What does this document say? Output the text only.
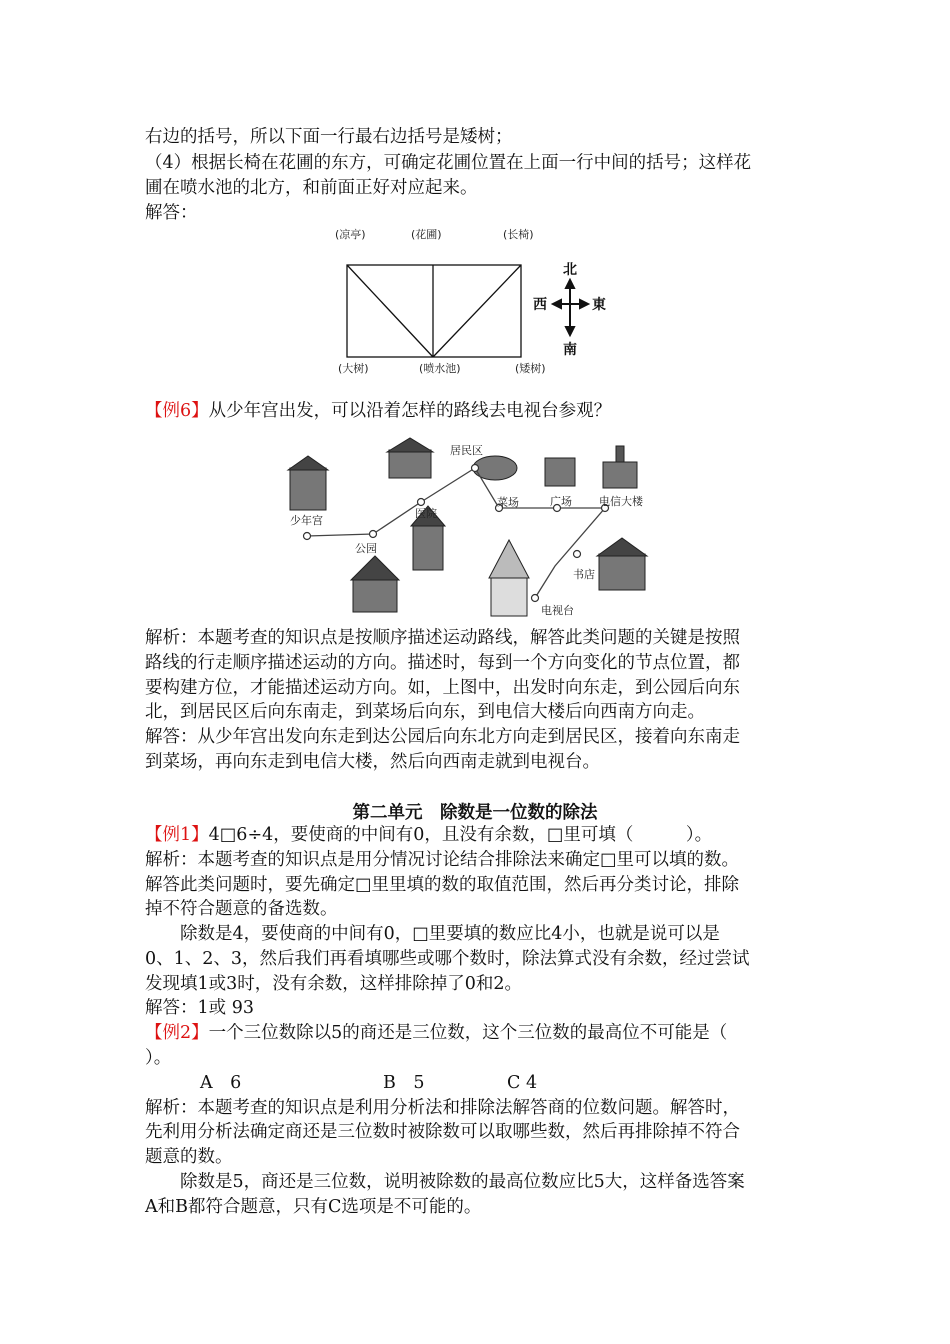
右边的括号，所以下面一行最右边括号是矮树；
（4）根据长椅在花圃的东方，可确定花圃位置在上面一行中间的括号；这样花
圃在喷水池的北方，和前面正好对应起来。
解答：
(凉亭)	(花圃)	(长椅)
(大树)	(喷水池)	(矮树)
北
南
西	東
【例6】从少年宫出发，可以沿着怎样的路线去电视台参观？
少年宫
公园
医院
居民区
菜场	广场 电信大楼
书店
电视台
解析：本题考查的知识点是按顺序描述运动路线，解答此类问题的关键是按照
路线的行走顺序描述运动的方向。描述时，每到一个方向变化的节点位置，都
要构建方位，才能描述运动方向。如，上图中，出发时向东走，到公园后向东
北，到居民区后向东南走，到菜场后向东，到电信大楼后向西南方向走。
解答：从少年宫出发向东走到达公园后向东北方向走到居民区，接着向东南走
到菜场，再向东走到电信大楼，然后向西南走就到电视台。
第二单元　除数是一位数的除法
【例1】4□6÷4，要使商的中间有0，且没有余数，□里可填（　　　）。
解析：本题考查的知识点是用分情况讨论结合排除法来确定□里可以填的数。
解答此类问题时，要先确定□里里填的数的取值范围，然后再分类讨论，排除
掉不符合题意的备选数。
　　除数是4，要使商的中间有0，□里要填的数应比4小，也就是说可以是
0、1、2、3，然后我们再看填哪些或哪个数时，除法算式没有余数，经过尝试
发现填1或3时，没有余数，这样排除掉了0和2。
解答：1或 93
【例2】一个三位数除以5的商还是三位数，这个三位数的最高位不可能是（
）。
A　6	B　5	C 4
解析：本题考查的知识点是利用分析法和排除法解答商的位数问题。解答时，
先利用分析法确定商还是三位数时被除数可以取哪些数，然后再排除掉不符合
题意的数。
　　除数是5，商还是三位数，说明被除数的最高位数应比5大，这样备选答案
A和B都符合题意，只有C选项是不可能的。
